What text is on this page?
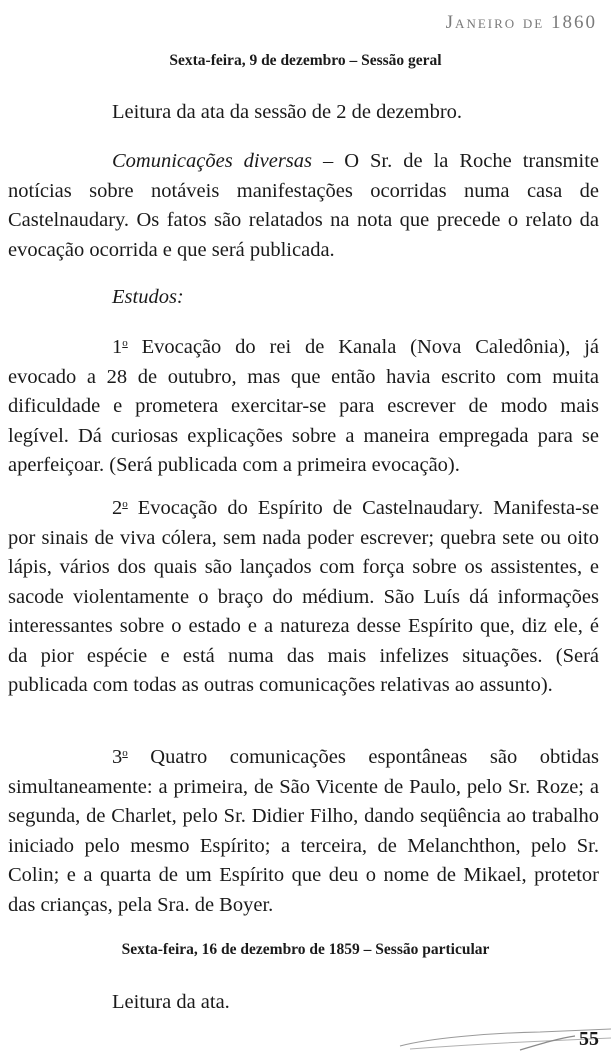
Janeiro de 1860
Sexta-feira, 9 de dezembro – Sessão geral

Leitura da ata da sessão de 2 de dezembro.

Comunicações diversas – O Sr. de la Roche transmite notícias sobre notáveis manifestações ocorridas numa casa de Castelnaudary. Os fatos são relatados na nota que precede o relato da evocação ocorrida e que será publicada.

Estudos:

1$^o$ Evocação do rei de Kanala (Nova Caledônia), já evocado a 28 de outubro, mas que então havia escrito com muita dificuldade e prometera exercitar-se para escrever de modo mais legível. Dá curiosas explicações sobre a maneira empregada para se aperfeiçoar. (Será publicada com a primeira evocação).

2$^o$ Evocação do Espírito de Castelnaudary. Manifesta-se por sinais de viva cólera, sem nada poder escrever; quebra sete ou oito lápis, vários dos quais são lançados com força sobre os assistentes, e sacode violentamente o braço do médium. São Luís dá informações interessantes sobre o estado e a natureza desse Espírito que, diz ele, é da pior espécie e está numa das mais infelizes situações. (Será publicada com todas as outras comunicações relativas ao assunto).

3$^o$ Quatro comunicações espontâneas são obtidas simultaneamente: a primeira, de São Vicente de Paulo, pelo Sr. Roze; a segunda, de Charlet, pelo Sr. Didier Filho, dando seqüência ao trabalho iniciado pelo mesmo Espírito; a terceira, de Melanchthon, pelo Sr. Colin; e a quarta de um Espírito que deu o nome de Mikael, protetor das crianças, pela Sra. de Boyer.

Sexta-feira, 16 de dezembro de 1859 – Sessão particular

Leitura da ata.

55
